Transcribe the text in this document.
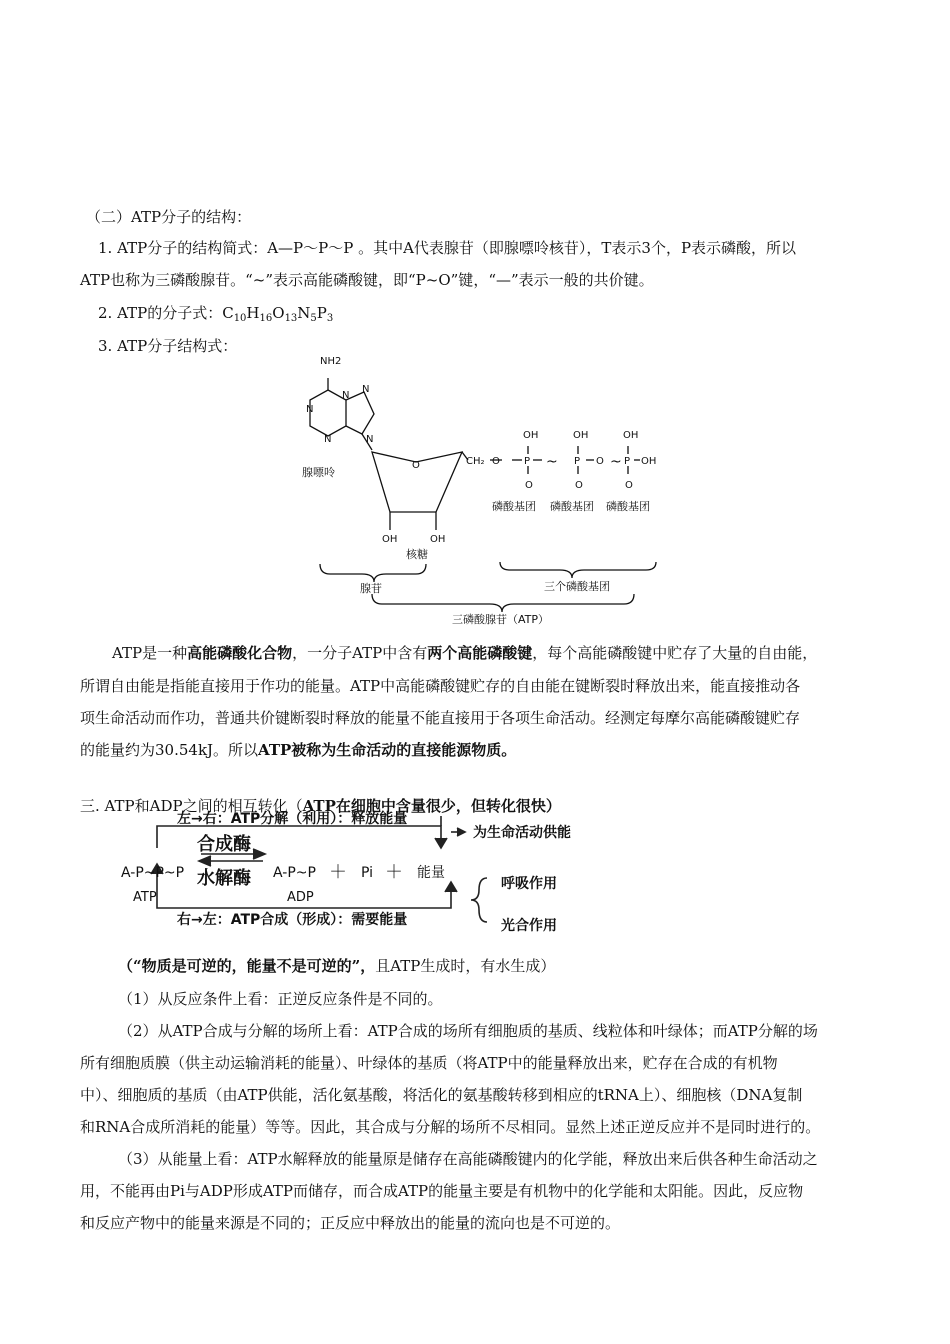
（二）ATP分子的结构：
1. ATP分子的结构简式：A—P～P～P 。其中A代表腺苷（即腺嘌呤核苷），T表示3个，P表示磷酸，所以
ATP也称为三磷酸腺苷。“~”表示高能磷酸键，即“P~O”键，“—”表示一般的共价键。
2. ATP的分子式：$C_{10}H_{16}O_{13}N_5P_3$
3. ATP分子结构式：
NH2
N
N
N
N
N
腺嘌呤
O	CH₂ O
OH
P
O
~
OH
P
O
O ~
OH
P
O
OH
磷酸基团 磷酸基团 磷酸基团
OH	OH
核糖
腺苷	三个磷酸基团
三磷酸腺苷（ATP）
ATP是一种高能磷酸化合物，一分子ATP中含有两个高能磷酸键，每个高能磷酸键中贮存了大量的自由能，
所谓自由能是指能直接用于作功的能量。ATP中高能磷酸键贮存的自由能在键断裂时释放出来，能直接推动各
项生命活动而作功，普通共价键断裂时释放的能量不能直接用于各项生命活动。经测定每摩尔高能磷酸键贮存
的能量约为30.54kJ。所以ATP被称为生命活动的直接能源物质。
三. ATP和ADP之间的相互转化（ATP在细胞中含量很少，但转化很快）
左→右：ATP分解（利用）：释放能量
为生命活动供能
A-P~P~P
ATP
合成酶
水解酶 A-P~P
ADP
＋ Pi ＋ 能量
呼吸作用
光合作用
右→左：ATP合成（形成）：需要能量
（“物质是可逆的，能量不是可逆的”，且ATP生成时，有水生成）
（1）从反应条件上看：正逆反应条件是不同的。
（2）从ATP合成与分解的场所上看：ATP合成的场所有细胞质的基质、线粒体和叶绿体；而ATP分解的场
所有细胞质膜（供主动运输消耗的能量）、叶绿体的基质（将ATP中的能量释放出来，贮存在合成的有机物
中）、细胞质的基质（由ATP供能，活化氨基酸，将活化的氨基酸转移到相应的tRNA上）、细胞核（DNA复制
和RNA合成所消耗的能量）等等。因此，其合成与分解的场所不尽相同。显然上述正逆反应并不是同时进行的。
（3）从能量上看：ATP水解释放的能量原是储存在高能磷酸键内的化学能，释放出来后供各种生命活动之
用，不能再由Pi与ADP形成ATP而储存，而合成ATP的能量主要是有机物中的化学能和太阳能。因此，反应物
和反应产物中的能量来源是不同的；正反应中释放出的能量的流向也是不可逆的。
